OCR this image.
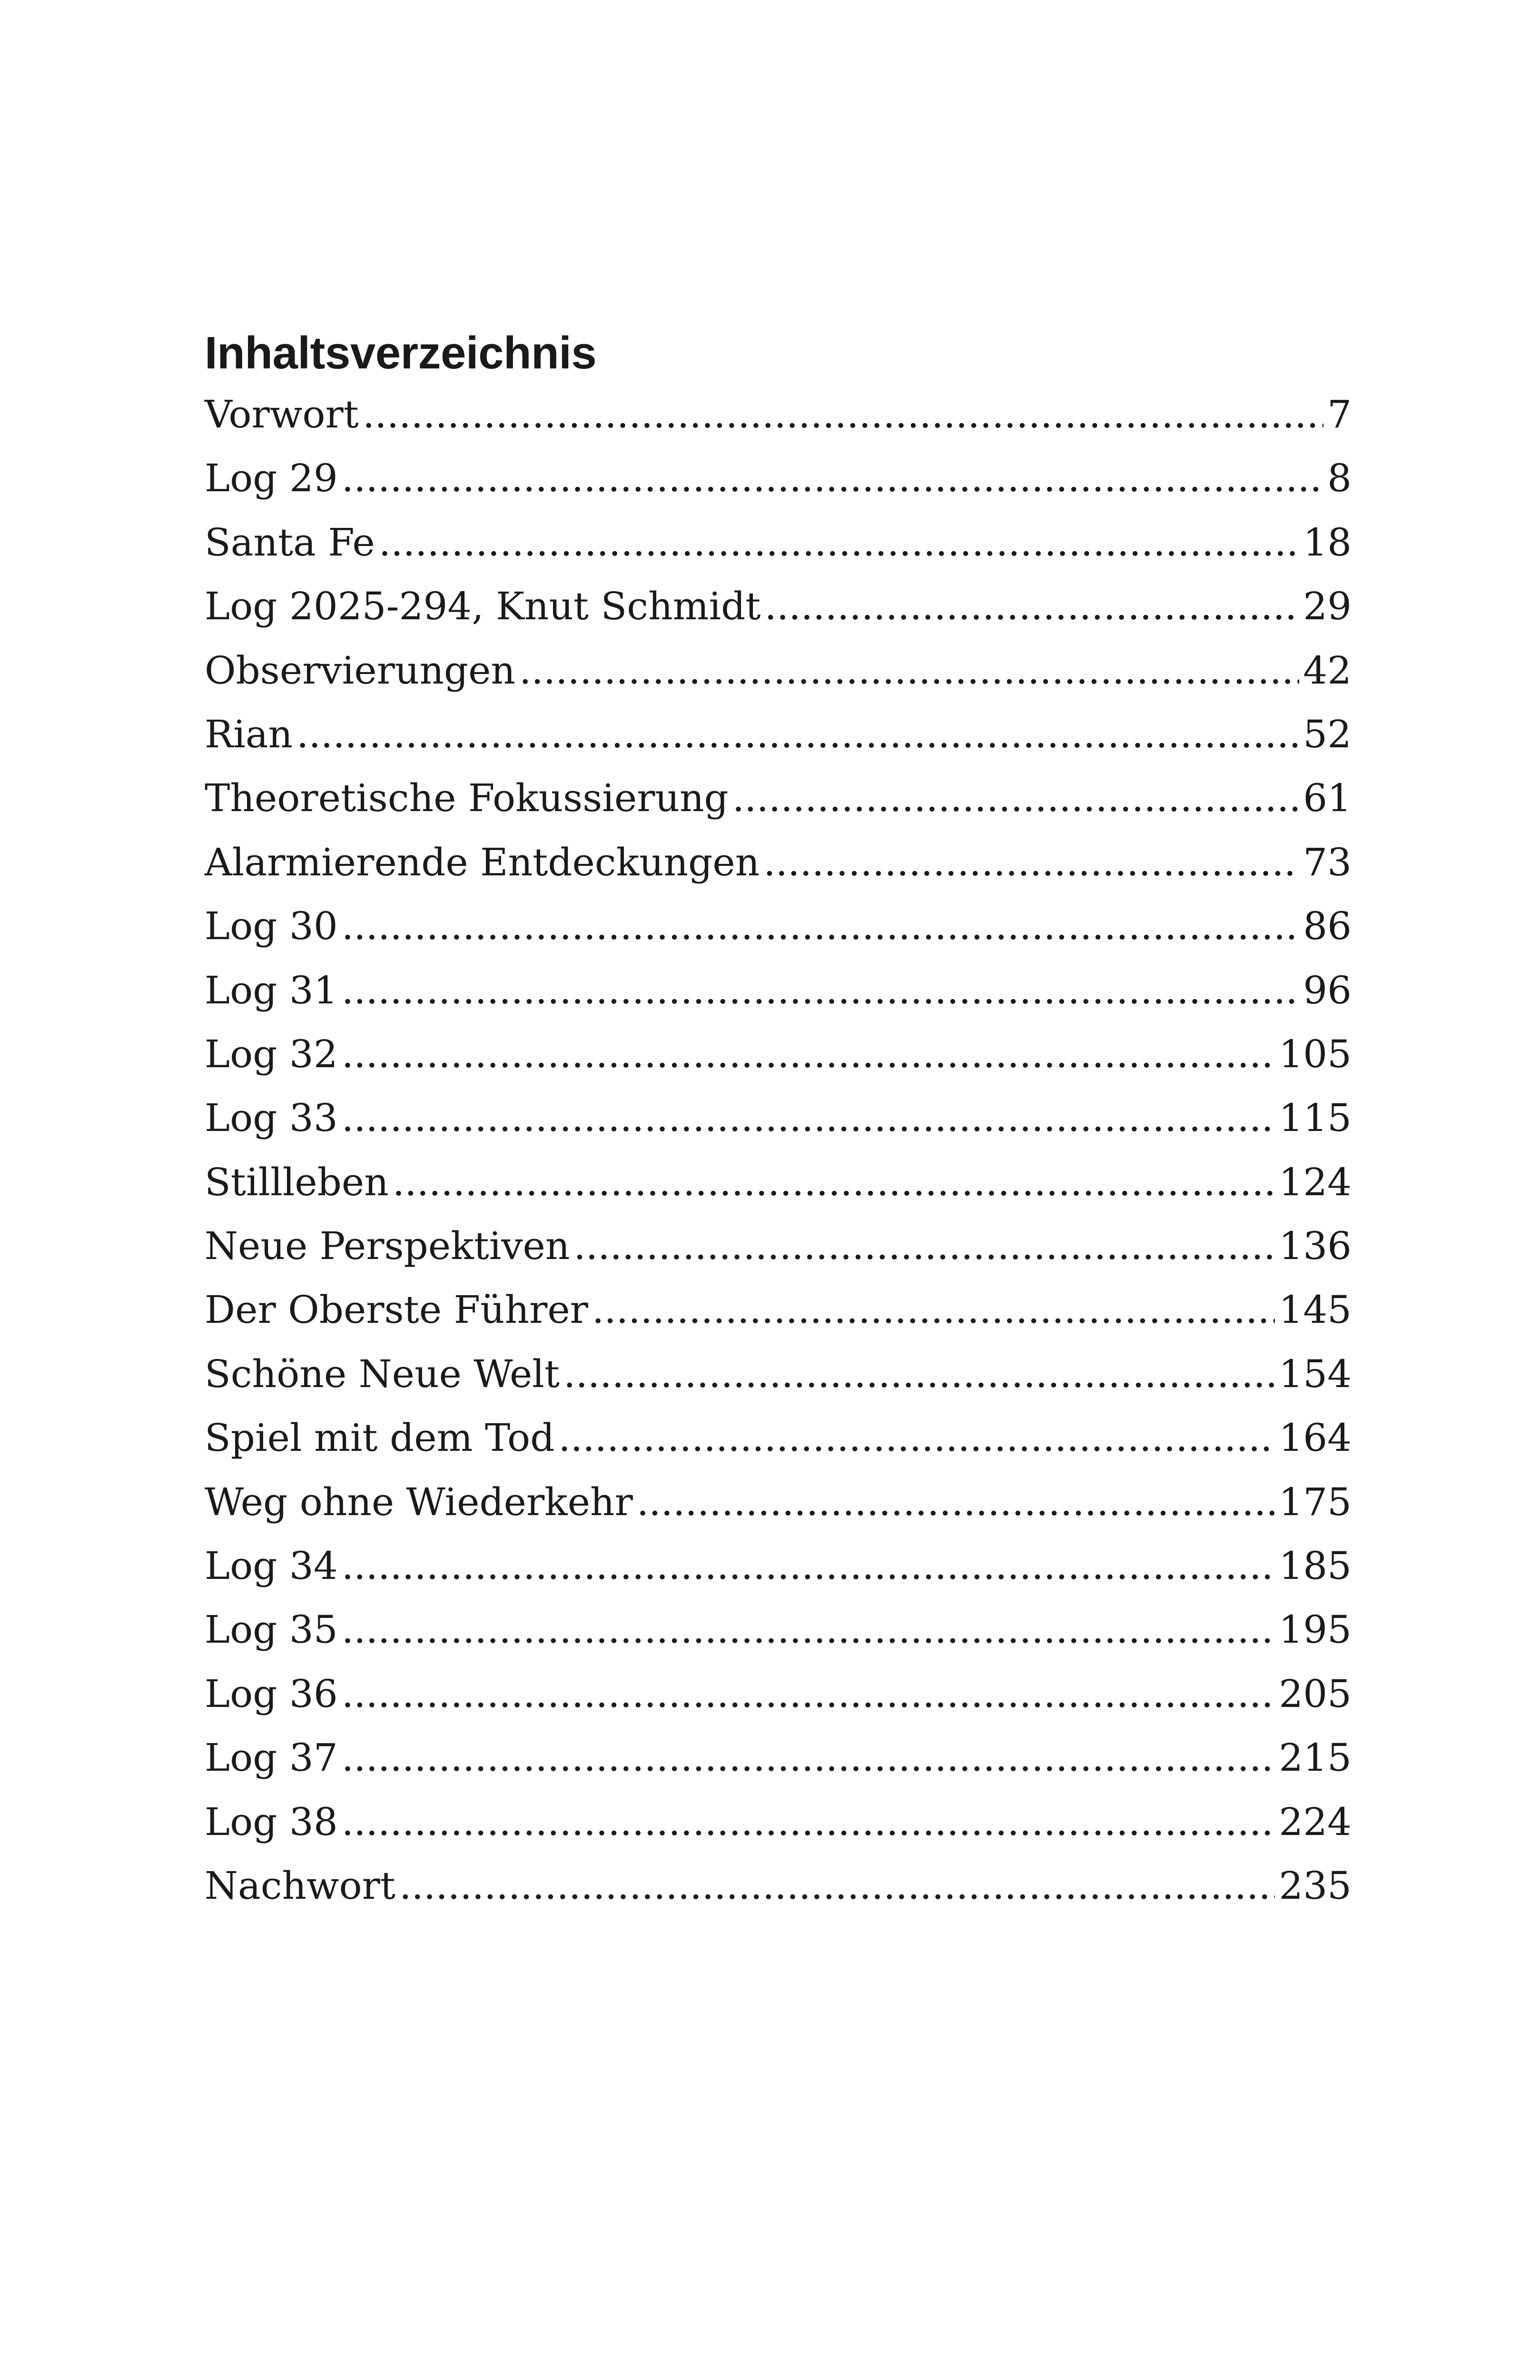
Inhaltsverzeichnis
Vorwort .....	7
Log 29 .....	8
Santa Fe .....	18
Log 2025-294, Knut Schmidt .....	29
Observierungen .....	42
Rian .....	52
Theoretische Fokussierung .....	61
Alarmierende Entdeckungen .....	73
Log 30 .....	86
Log 31 .....	96
Log 32 .....	105
Log 33 .....	115
Stillleben .....	124
Neue Perspektiven .....	136
Der Oberste Führer .....	145
Schöne Neue Welt .....	154
Spiel mit dem Tod .....	164
Weg ohne Wiederkehr .....	175
Log 34 .....	185
Log 35 .....	195
Log 36 .....	205
Log 37 .....	215
Log 38 .....	224
Nachwort .....	235
